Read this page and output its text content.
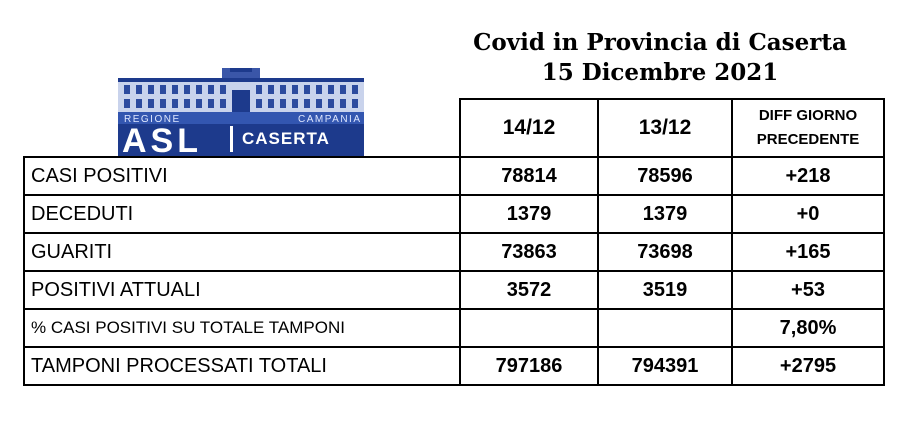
Covid in Provincia di Caserta
15 Dicembre 2021
REGIONE	CAMPANIA
ASL CASERTA
		14/12	13/12	DIFF GIORNO PRECEDENTE
CASI POSITIVI	78814	78596	+218
DECEDUTI	1379	1379	+0
GUARITI	73863	73698	+165
POSITIVI ATTUALI	3572	3519	+53
% CASI POSITIVI SU TOTALE TAMPONI			7,80%
TAMPONI PROCESSATI TOTALI	797186	794391	+2795
